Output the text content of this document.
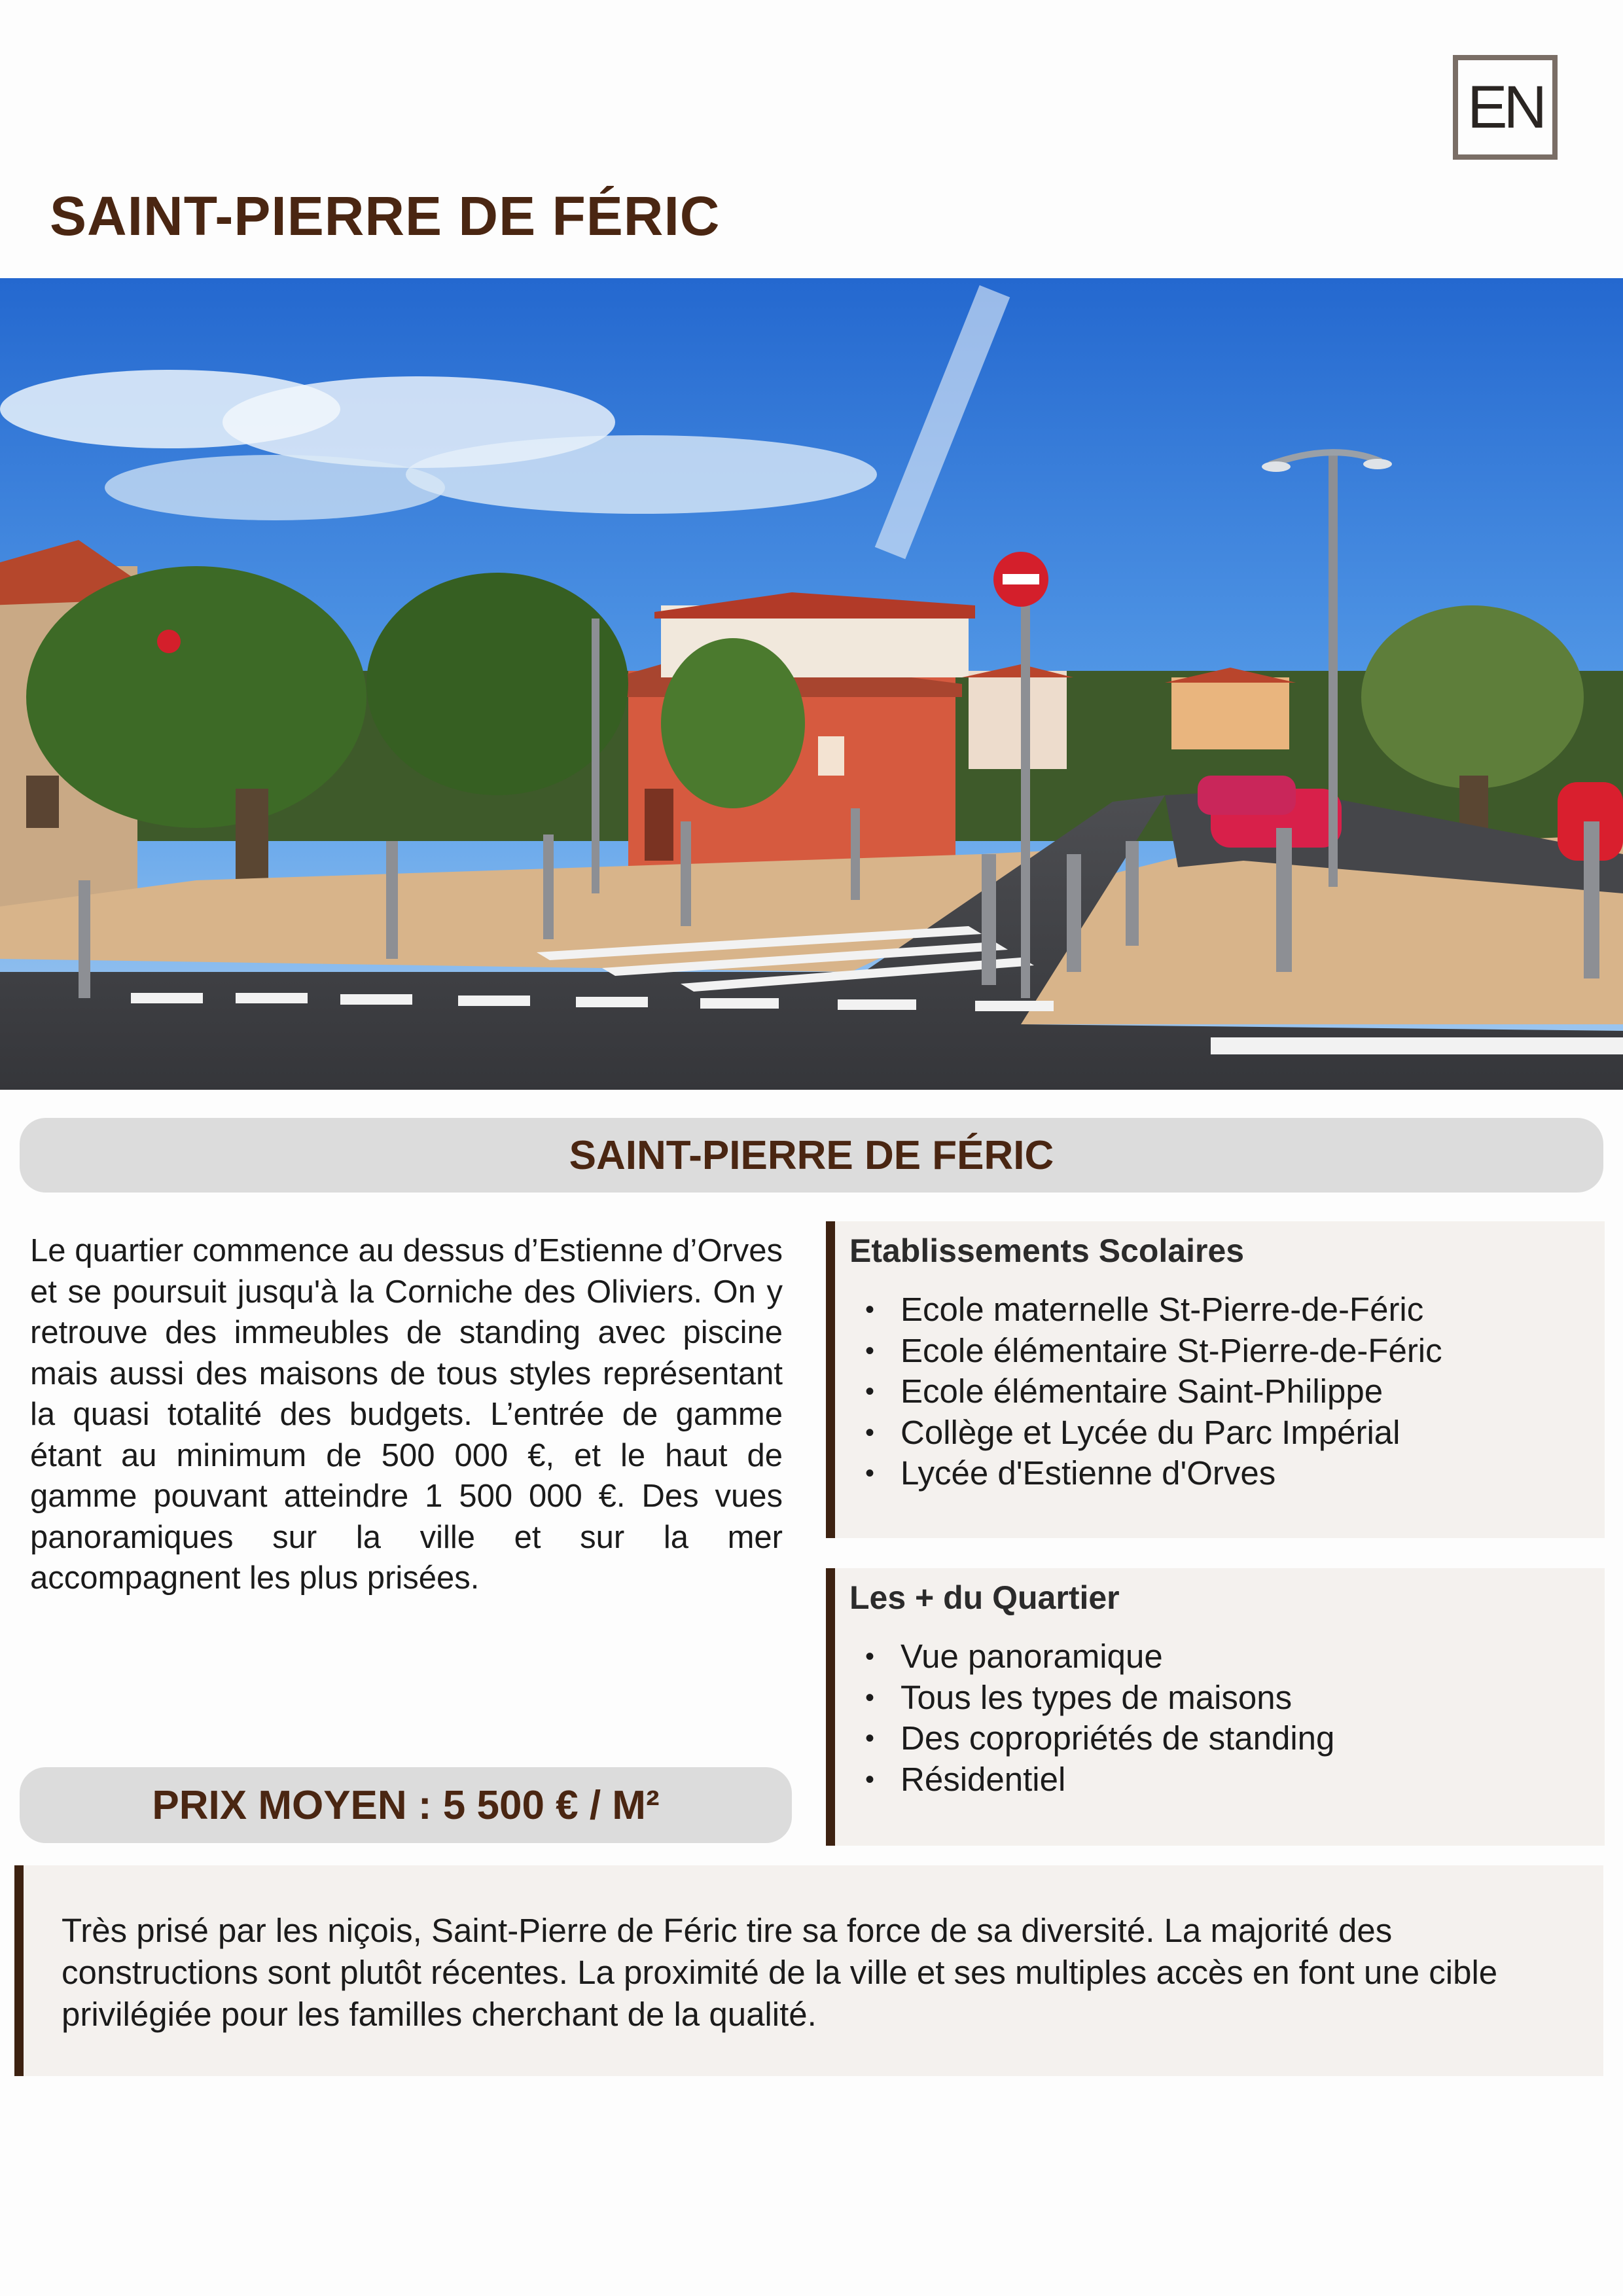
EN
SAINT-PIERRE DE FÉRIC
SAINT-PIERRE DE FÉRIC

Le quartier commence au dessus d’Estienne d’Orves et se poursuit jusqu'à la Corniche des Oliviers. On y retrouve des immeubles de standing avec piscine mais aussi des maisons de tous styles représentant la quasi totalité des budgets. L’entrée de gamme étant au minimum de 500 000 €, et le haut de gamme pouvant atteindre 1 500 000 €. Des vues panoramiques sur la ville et sur la mer accompagnent les plus prisées.

PRIX MOYEN : 5 500 € / M²
Etablissements Scolaires
• Ecole maternelle St-Pierre-de-Féric
• Ecole élémentaire St-Pierre-de-Féric
• Ecole élémentaire Saint-Philippe
• Collège et Lycée du Parc Impérial
• Lycée d'Estienne d'Orves
Les + du Quartier
• Vue panoramique
• Tous les types de maisons
• Des copropriétés de standing
• Résidentiel

Très prisé par les niçois, Saint-Pierre de Féric tire sa force de sa diversité. La majorité des constructions sont plutôt récentes. La proximité de la ville et ses multiples accès en font une cible privilégiée pour les familles cherchant de la qualité.
